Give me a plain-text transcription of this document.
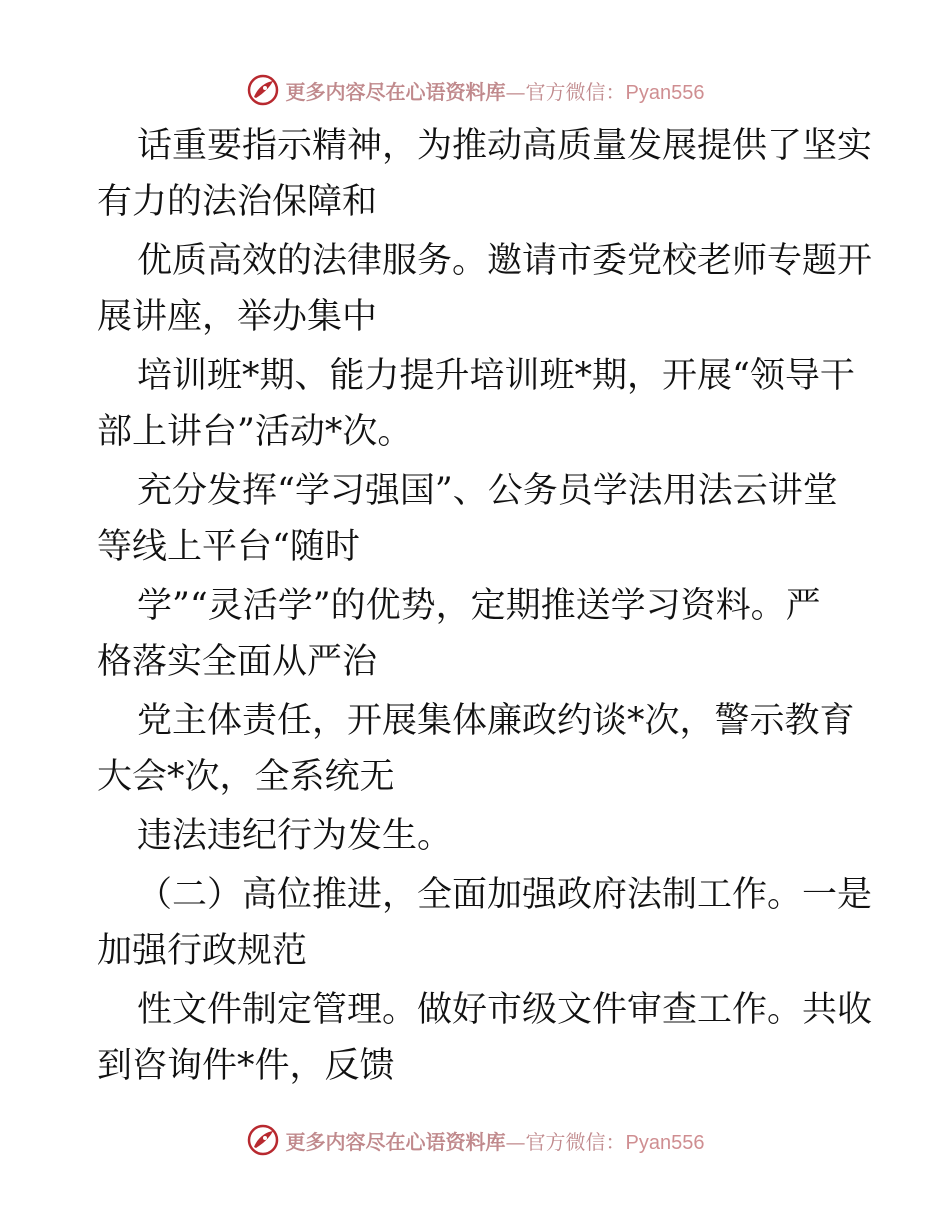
更多内容尽在心语资料库—官方微信：Pyan556
话重要指示精神，为推动高质量发展提供了坚实
有力的法治保障和
优质高效的法律服务。邀请市委党校老师专题开
展讲座，举办集中
培训班*期、能力提升培训班*期，开展“领导干
部上讲台”活动*次。
充分发挥“学习强国”、公务员学法用法云讲堂
等线上平台“随时
学”“灵活学”的优势，定期推送学习资料。严
格落实全面从严治
党主体责任，开展集体廉政约谈*次，警示教育
大会*次，全系统无
违法违纪行为发生。
（二）高位推进，全面加强政府法制工作。一是
加强行政规范
性文件制定管理。做好市级文件审查工作。共收
到咨询件*件，反馈
更多内容尽在心语资料库—官方微信：Pyan556
